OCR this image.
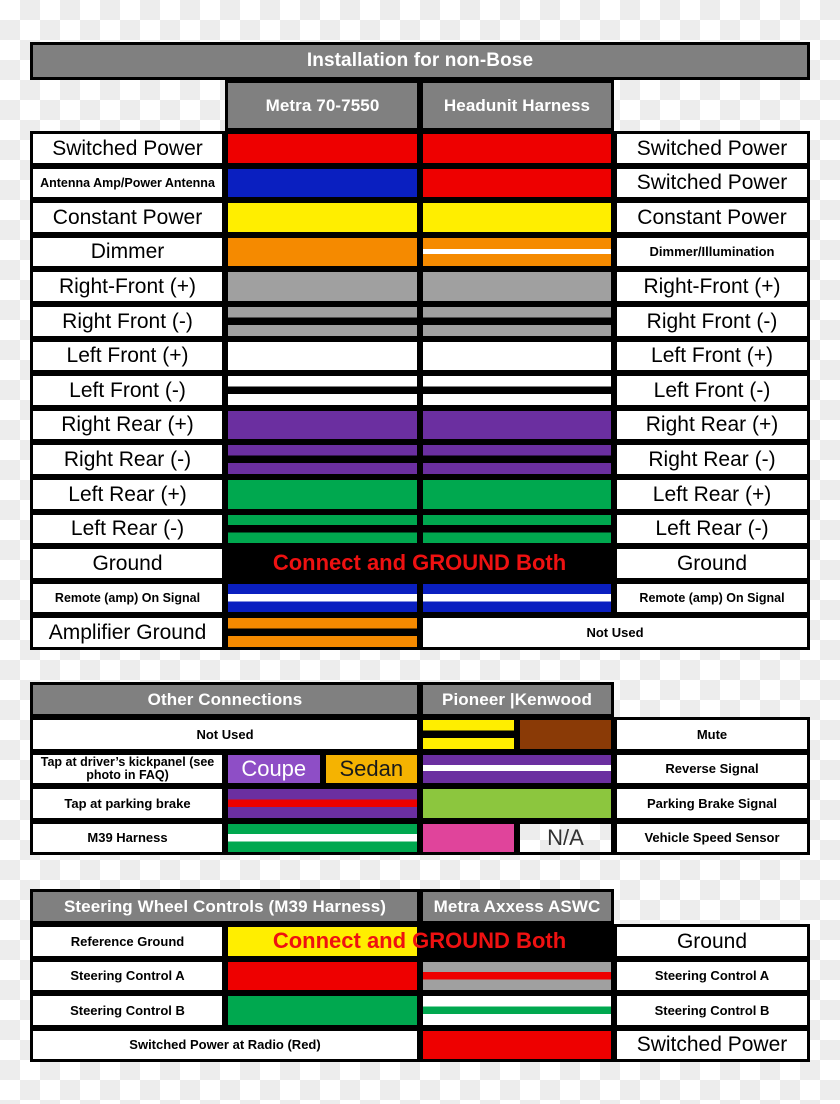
Installation for non-Bose
Metra 70-7550	Headunit Harness
Switched Power	Switched Power
Antenna Amp/Power Antenna	Switched Power
Constant Power	Constant Power
Dimmer	Dimmer/Illumination
Right-Front (+)	Right-Front (+)
Right Front (-)	Right Front (-)
Left Front (+)	Left Front (+)
Left Front (-)	Left Front (-)
Right Rear (+)	Right Rear (+)
Right Rear (-)	Right Rear (-)
Left Rear (+)	Left Rear (+)
Left Rear (-)	Left Rear (-)
Ground	Connect and GROUND Both	Ground
Remote (amp) On Signal	Remote (amp) On Signal
Amplifier Ground	Not Used
Other Connections	Pioneer |Kenwood
Not Used	Mute
Tap at driver’s kickpanel (see photo in FAQ)	Coupe	Sedan	Reverse Signal
Tap at parking brake	Parking Brake Signal
M39 Harness	N/A	Vehicle Speed Sensor
Steering Wheel Controls (M39 Harness)	Metra Axxess ASWC
Reference Ground	Connect and GROUND Both	Ground
Steering Control A	Steering Control A
Steering Control B	Steering Control B
Switched Power at Radio (Red)	Switched Power
